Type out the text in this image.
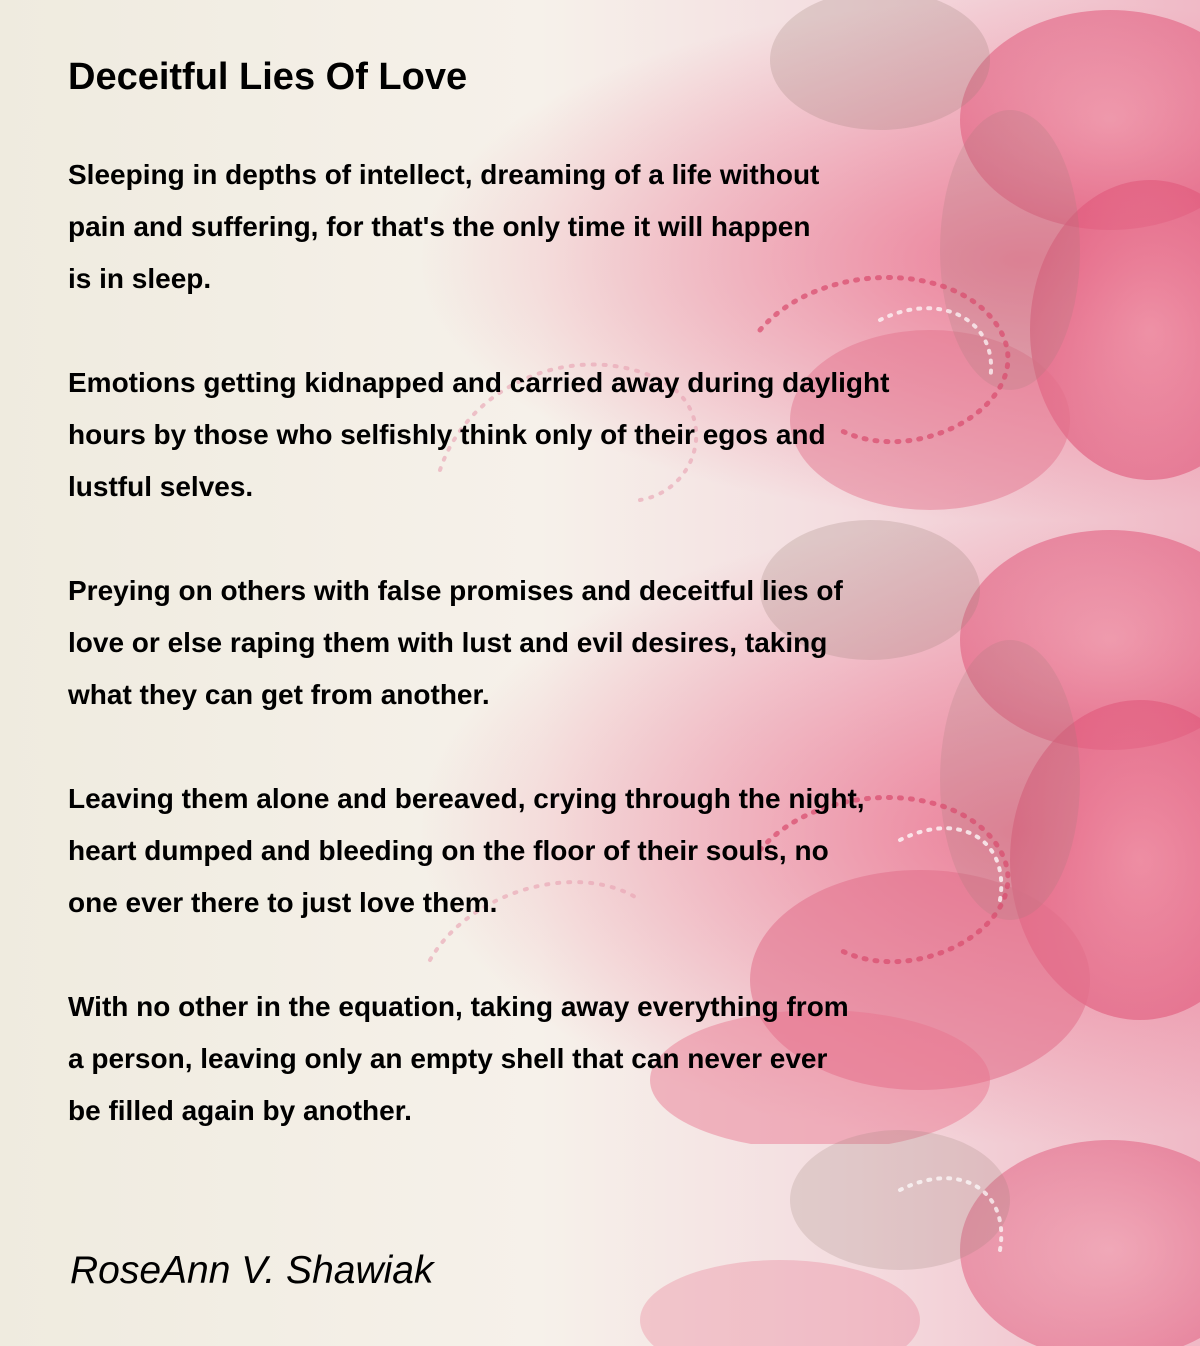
Deceitful Lies Of Love

Sleeping in depths of intellect, dreaming of a life without
pain and suffering, for that's the only time it will happen
is in sleep.

Emotions getting kidnapped and carried away during daylight
hours by those who selfishly think only of their egos and
lustful selves.

Preying on others with false promises and deceitful lies of
love or else raping them with lust and evil desires, taking
what they can get from another.

Leaving them alone and bereaved, crying through the night,
heart dumped and bleeding on the floor of their souls, no
one ever there to just love them.

With no other in the equation, taking away everything from
a person, leaving only an empty shell that can never ever
be filled again by another.

RoseAnn V. Shawiak
